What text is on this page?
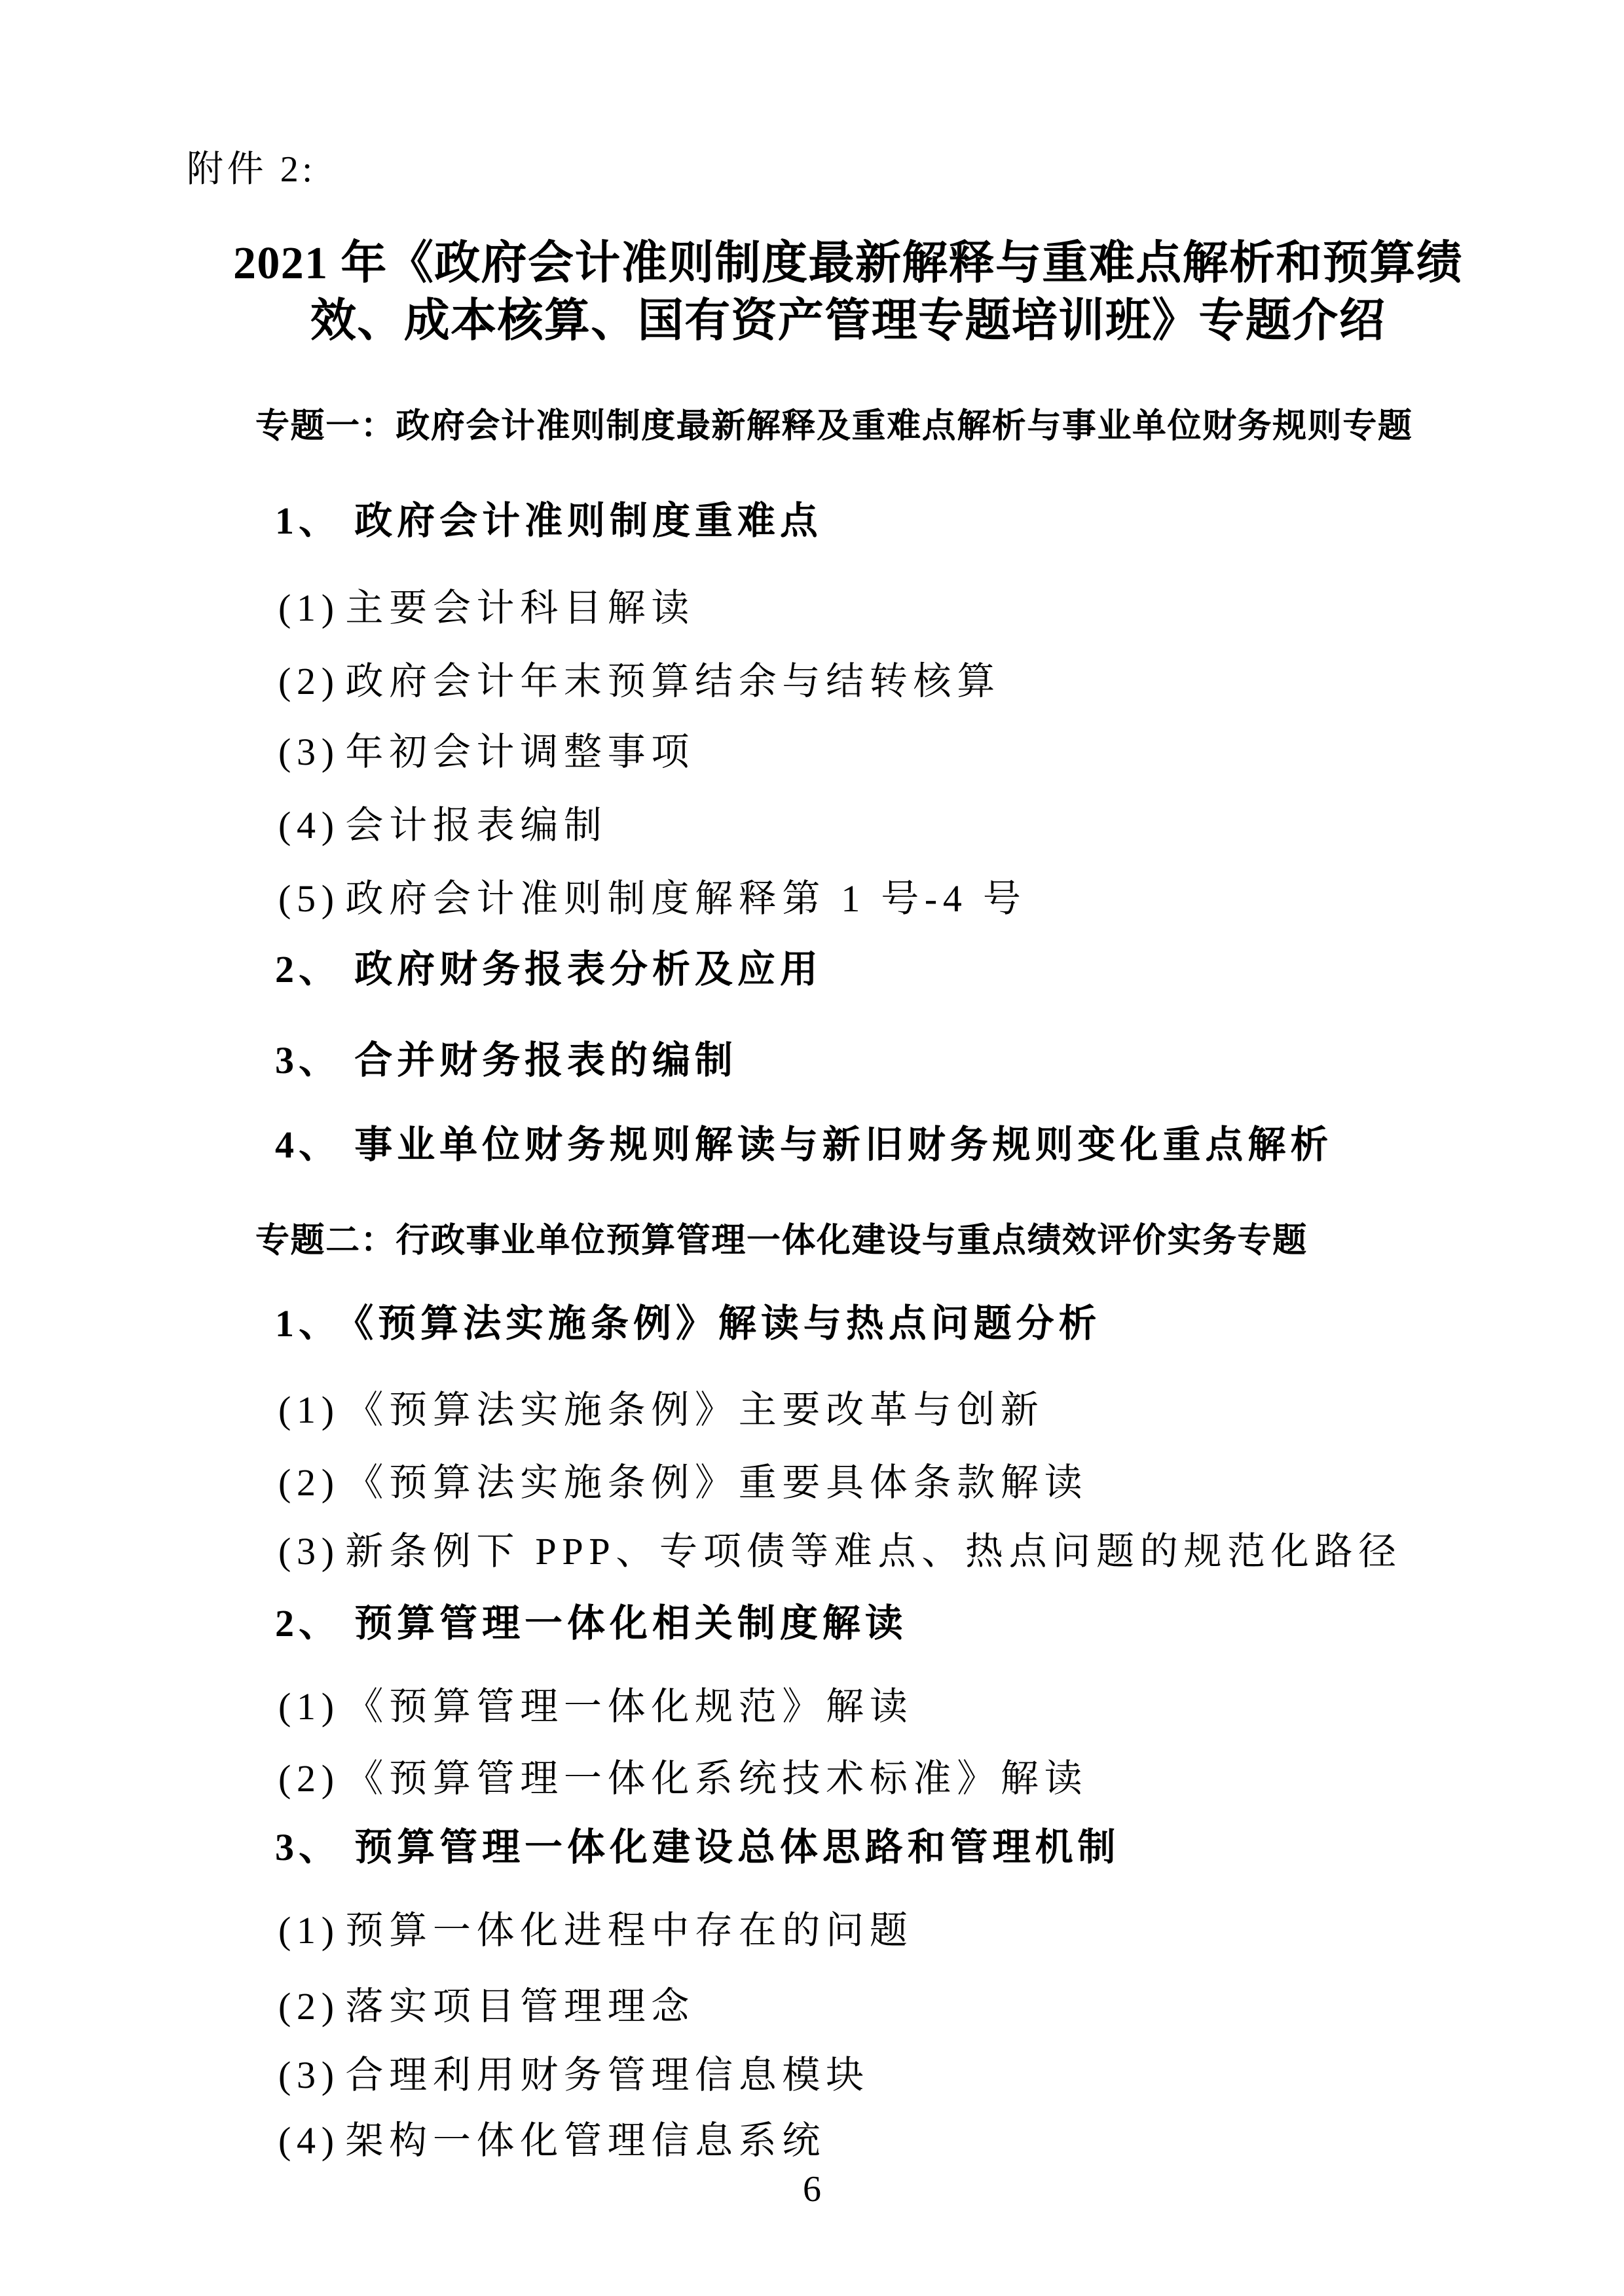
附件 2:
2021 年《政府会计准则制度最新解释与重难点解析和预算绩
效、成本核算、国有资产管理专题培训班》专题介绍
专题一：政府会计准则制度最新解释及重难点解析与事业单位财务规则专题
1、 政府会计准则制度重难点
(1) 主要会计科目解读
(2) 政府会计年末预算结余与结转核算
(3) 年初会计调整事项
(4) 会计报表编制
(5) 政府会计准则制度解释第 1 号-4 号
2、 政府财务报表分析及应用
3、 合并财务报表的编制
4、 事业单位财务规则解读与新旧财务规则变化重点解析
专题二：行政事业单位预算管理一体化建设与重点绩效评价实务专题
1、 《预算法实施条例》解读与热点问题分析
(1) 《预算法实施条例》主要改革与创新
(2) 《预算法实施条例》重要具体条款解读
(3) 新条例下 PPP、专项债等难点、热点问题的规范化路径
2、 预算管理一体化相关制度解读
(1) 《预算管理一体化规范》解读
(2) 《预算管理一体化系统技术标准》解读
3、 预算管理一体化建设总体思路和管理机制
(1) 预算一体化进程中存在的问题
(2) 落实项目管理理念
(3) 合理利用财务管理信息模块
(4) 架构一体化管理信息系统
6
